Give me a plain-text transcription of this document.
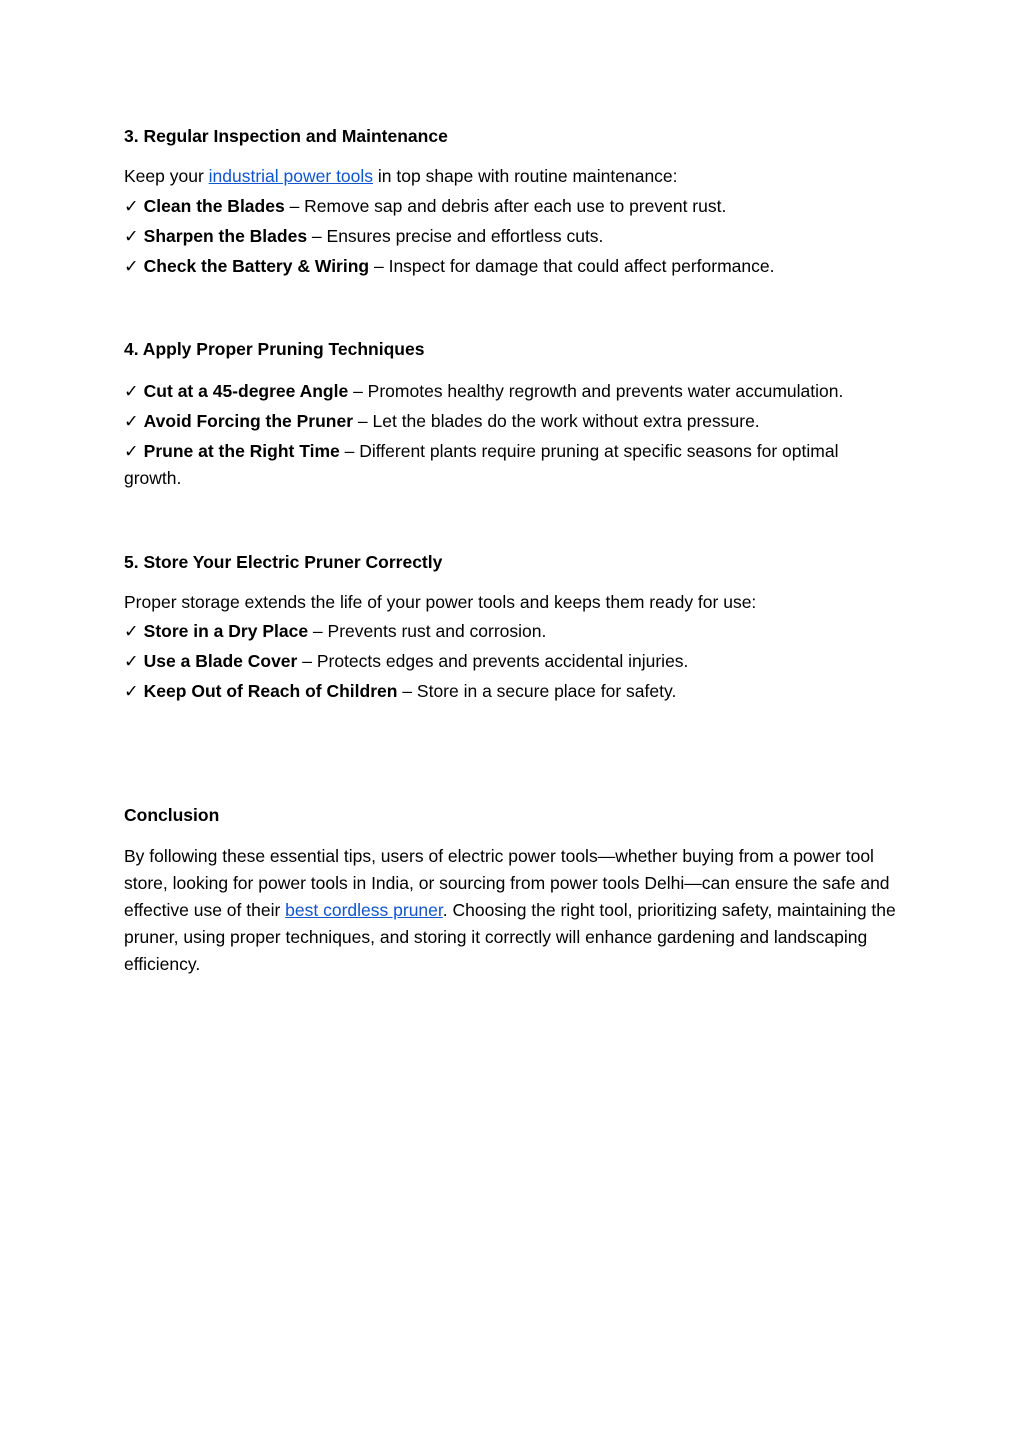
3. Regular Inspection and Maintenance

Keep your industrial power tools in top shape with routine maintenance:

✓ Clean the Blades – Remove sap and debris after each use to prevent rust.

✓ Sharpen the Blades – Ensures precise and effortless cuts.

✓ Check the Battery & Wiring – Inspect for damage that could affect performance.

4. Apply Proper Pruning Techniques

✓ Cut at a 45-degree Angle – Promotes healthy regrowth and prevents water accumulation.

✓ Avoid Forcing the Pruner – Let the blades do the work without extra pressure.

✓ Prune at the Right Time – Different plants require pruning at specific seasons for optimal growth.

5. Store Your Electric Pruner Correctly

Proper storage extends the life of your power tools and keeps them ready for use:

✓ Store in a Dry Place – Prevents rust and corrosion.

✓ Use a Blade Cover – Protects edges and prevents accidental injuries.

✓ Keep Out of Reach of Children – Store in a secure place for safety.

Conclusion

By following these essential tips, users of electric power tools—whether buying from a power tool store, looking for power tools in India, or sourcing from power tools Delhi—can ensure the safe and effective use of their best cordless pruner. Choosing the right tool, prioritizing safety, maintaining the pruner, using proper techniques, and storing it correctly will enhance gardening and landscaping efficiency.
